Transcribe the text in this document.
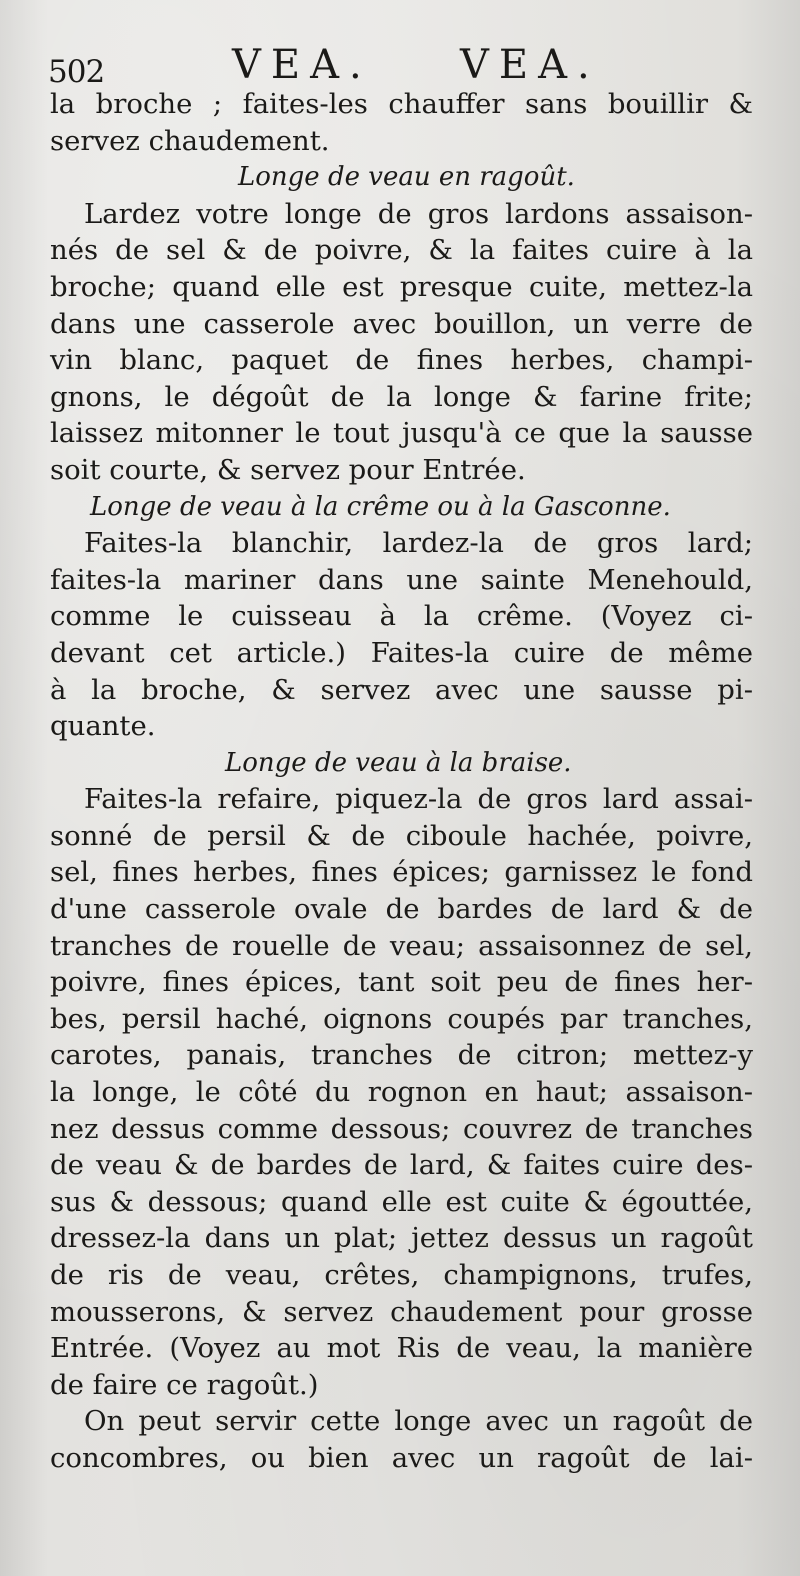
502	VEA. VEA.
la broche ; faites-les chauffer sans bouillir &
servez chaudement.
Longe de veau en ragoût.
Lardez votre longe de gros lardons assaison-
nés de sel & de poivre, & la faites cuire à la
broche; quand elle est presque cuite, mettez-la
dans une casserole avec bouillon, un verre de
vin blanc, paquet de fines herbes, champi-
gnons, le dégoût de la longe & farine frite;
laissez mitonner le tout jusqu'à ce que la sausse
soit courte, & servez pour Entrée.
Longe de veau à la crême ou à la Gasconne.
Faites-la blanchir, lardez-la de gros lard;
faites-la mariner dans une sainte Menehould,
comme le cuisseau à la crême. (Voyez ci-
devant cet article.) Faites-la cuire de même
à la broche, & servez avec une sausse pi-
quante.
Longe de veau à la braise.
Faites-la refaire, piquez-la de gros lard assai-
sonné de persil & de ciboule hachée, poivre,
sel, fines herbes, fines épices; garnissez le fond
d'une casserole ovale de bardes de lard & de
tranches de rouelle de veau; assaisonnez de sel,
poivre, fines épices, tant soit peu de fines her-
bes, persil haché, oignons coupés par tranches,
carotes, panais, tranches de citron; mettez-y
la longe, le côté du rognon en haut; assaison-
nez dessus comme dessous; couvrez de tranches
de veau & de bardes de lard, & faites cuire des-
sus & dessous; quand elle est cuite & égouttée,
dressez-la dans un plat; jettez dessus un ragoût
de ris de veau, crêtes, champignons, trufes,
mousserons, & servez chaudement pour grosse
Entrée. (Voyez au mot Ris de veau, la manière
de faire ce ragoût.)
On peut servir cette longe avec un ragoût de
concombres, ou bien avec un ragoût de lai-
